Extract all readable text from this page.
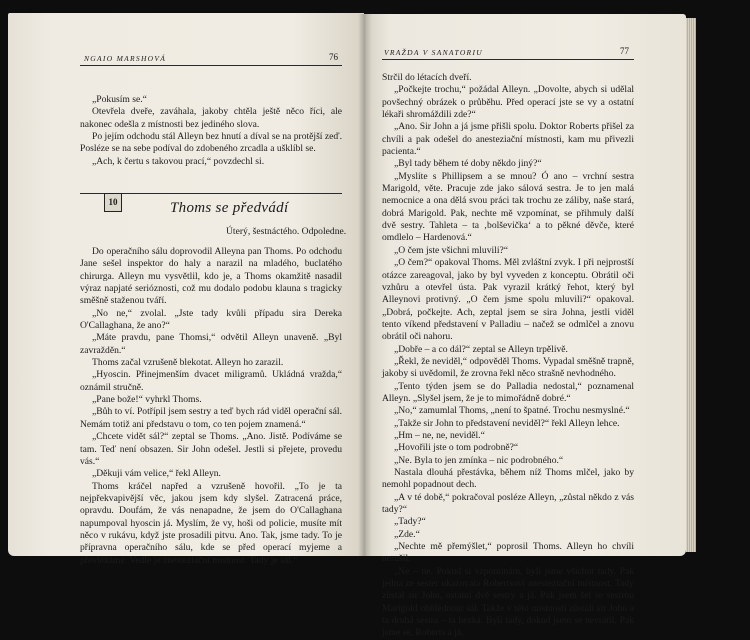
NGAIO MARSHOVÁ	76

„Pokusím se.“

Otevřela dveře, zaváhala, jakoby chtěla ještě něco říci, ale nakonec odešla z místnosti bez jediného slova.

Po jejím odchodu stál Alleyn bez hnutí a díval se na protější zeď. Posléze se na sebe podíval do zdobeného zrcadla a ušklíbl se.

„Ach, k čertu s takovou prací,“ povzdechl si.

10	Thoms se předvádí
Úterý, šestnáctého. Odpoledne.

Do operačního sálu doprovodil Alleyna pan Thoms. Po odchodu Jane sešel inspektor do haly a narazil na mladého, buclatého chirurga. Alleyn mu vysvětlil, kdo je, a Thoms okamžitě nasadil výraz napjaté serióznosti, což mu dodalo podobu klauna s tragicky směšně staženou tváří.

„No ne,“ zvolal. „Jste tady kvůli případu sira Dereka O'Callaghana, že ano?“

„Máte pravdu, pane Thomsi,“ odvětil Alleyn unaveně. „Byl zavražděn.“

Thoms začal vzrušeně blekotat. Alleyn ho zarazil.

„Hyoscin. Přinejmenším dvacet miligramů. Ukládná vražda,“ oznámil stručně.

„Pane bože!“ vyhrkl Thoms.

„Bůh to ví. Potřípil jsem sestry a teď bych rád viděl operační sál. Nemám totiž ani představu o tom, co ten pojem znamená.“

„Chcete vidět sál?“ zeptal se Thoms. „Ano. Jistě. Podíváme se tam. Teď není obsazen. Sir John odešel. Jestli si přejete, provedu vás.“

„Děkuji vám velice,“ řekl Alleyn.

Thoms kráčel napřed a vzrušeně hovořil. „To je ta nejpřekvapivější věc, jakou jsem kdy slyšel. Zatracená práce, opravdu. Doufám, že vás nenapadne, že jsem do O'Callaghana napumpoval hyoscin já. Myslím, že vy, hoši od policie, musíte mít něco v rukávu, když jste prosadili pitvu. Ano. Tak, jsme tady. To je přípravna operačního sálu, kde se před operací myjeme a převlékáme. Vedle je anesteziační místnost. Tady je sál.“

VRAŽDA V SANATORIU	77

Strčil do létacích dveří.

„Počkejte trochu,“ požádal Alleyn. „Dovolte, abych si udělal povšechný obrázek o průběhu. Před operací jste se vy a ostatní lékaři shromáždili zde?“

„Ano. Sir John a já jsme přišli spolu. Doktor Roberts přišel za chvíli a pak odešel do anesteziační místnosti, kam mu přivezli pacienta.“

„Byl tady během té doby někdo jiný?“

„Myslíte s Phillipsem a se mnou? Ó ano – vrchní sestra Marigold, věte. Pracuje zde jako sálová sestra. Je to jen malá nemocnice a ona dělá svou práci tak trochu ze záliby, naše stará, dobrá Marigold. Pak, nechte mě vzpomínat, se přihmuly další dvě sestry. Tahleta – ta ‚bolševička‘ a to pěkné děvče, které omdlelo – Hardenová.“

„O čem jste všichni mluvili?“

„O čem?“ opakoval Thoms. Měl zvláštní zvyk. I při nejprostší otázce zareagoval, jako by byl vyveden z konceptu. Obrátil oči vzhůru a otevřel ústa. Pak vyrazil krátký řehot, který byl Alleynovi protivný. „O čem jsme spolu mluvili?“ opakoval. „Dobrá, počkejte. Ach, zeptal jsem se sira Johna, jestli viděl tento víkend představení v Palladiu – načež se odmlčel a znovu obrátil oči nahoru.

„Dobře – a co dál?“ zeptal se Alleyn trpělivě.

„Řekl, že neviděl,“ odpověděl Thoms. Vypadal směšně trapně, jakoby si uvědomil, že zrovna řekl něco strašně nevhodného.

„Tento týden jsem se do Palladia nedostal,“ poznamenal Alleyn. „Slyšel jsem, že je to mimořádně dobré.“

„No,“ zamumlal Thoms, „není to špatné. Trochu nesmyslné.“

„Takže sir John to představení neviděl?“ řekl Alleyn lehce.

„Hm – ne, ne, neviděl.“

„Hovořili jste o tom podrobně?“

„Ne. Byla to jen zmínka – nic podrobného.“

Nastala dlouhá přestávka, během níž Thoms mlčel, jako by nemohl popadnout dech.

„A v té době,“ pokračoval posléze Alleyn, „zůstal někdo z vás tady?“

„Tady?“

„Zde.“

„Nechte mě přemýšlet,“ poprosil Thoms. Alleyn ho chvíli nerušil.

„Ne – ne. Pokud si vzpomínám, byli jsme všichni tady. Pak jedna ze sester ukazovala Robertsovi anesteziační místnost. Tady zůstal sir John, ostatní dvě sestry a já. Pak jsem šel se sestrou Marigold obhlédnout sál. Takže v této místnosti zůstali sir John a ta druhá sestra – ta hezká. Byli tady, dokud jsem se nevrátil. Pak jsme se, Roberts a já,
